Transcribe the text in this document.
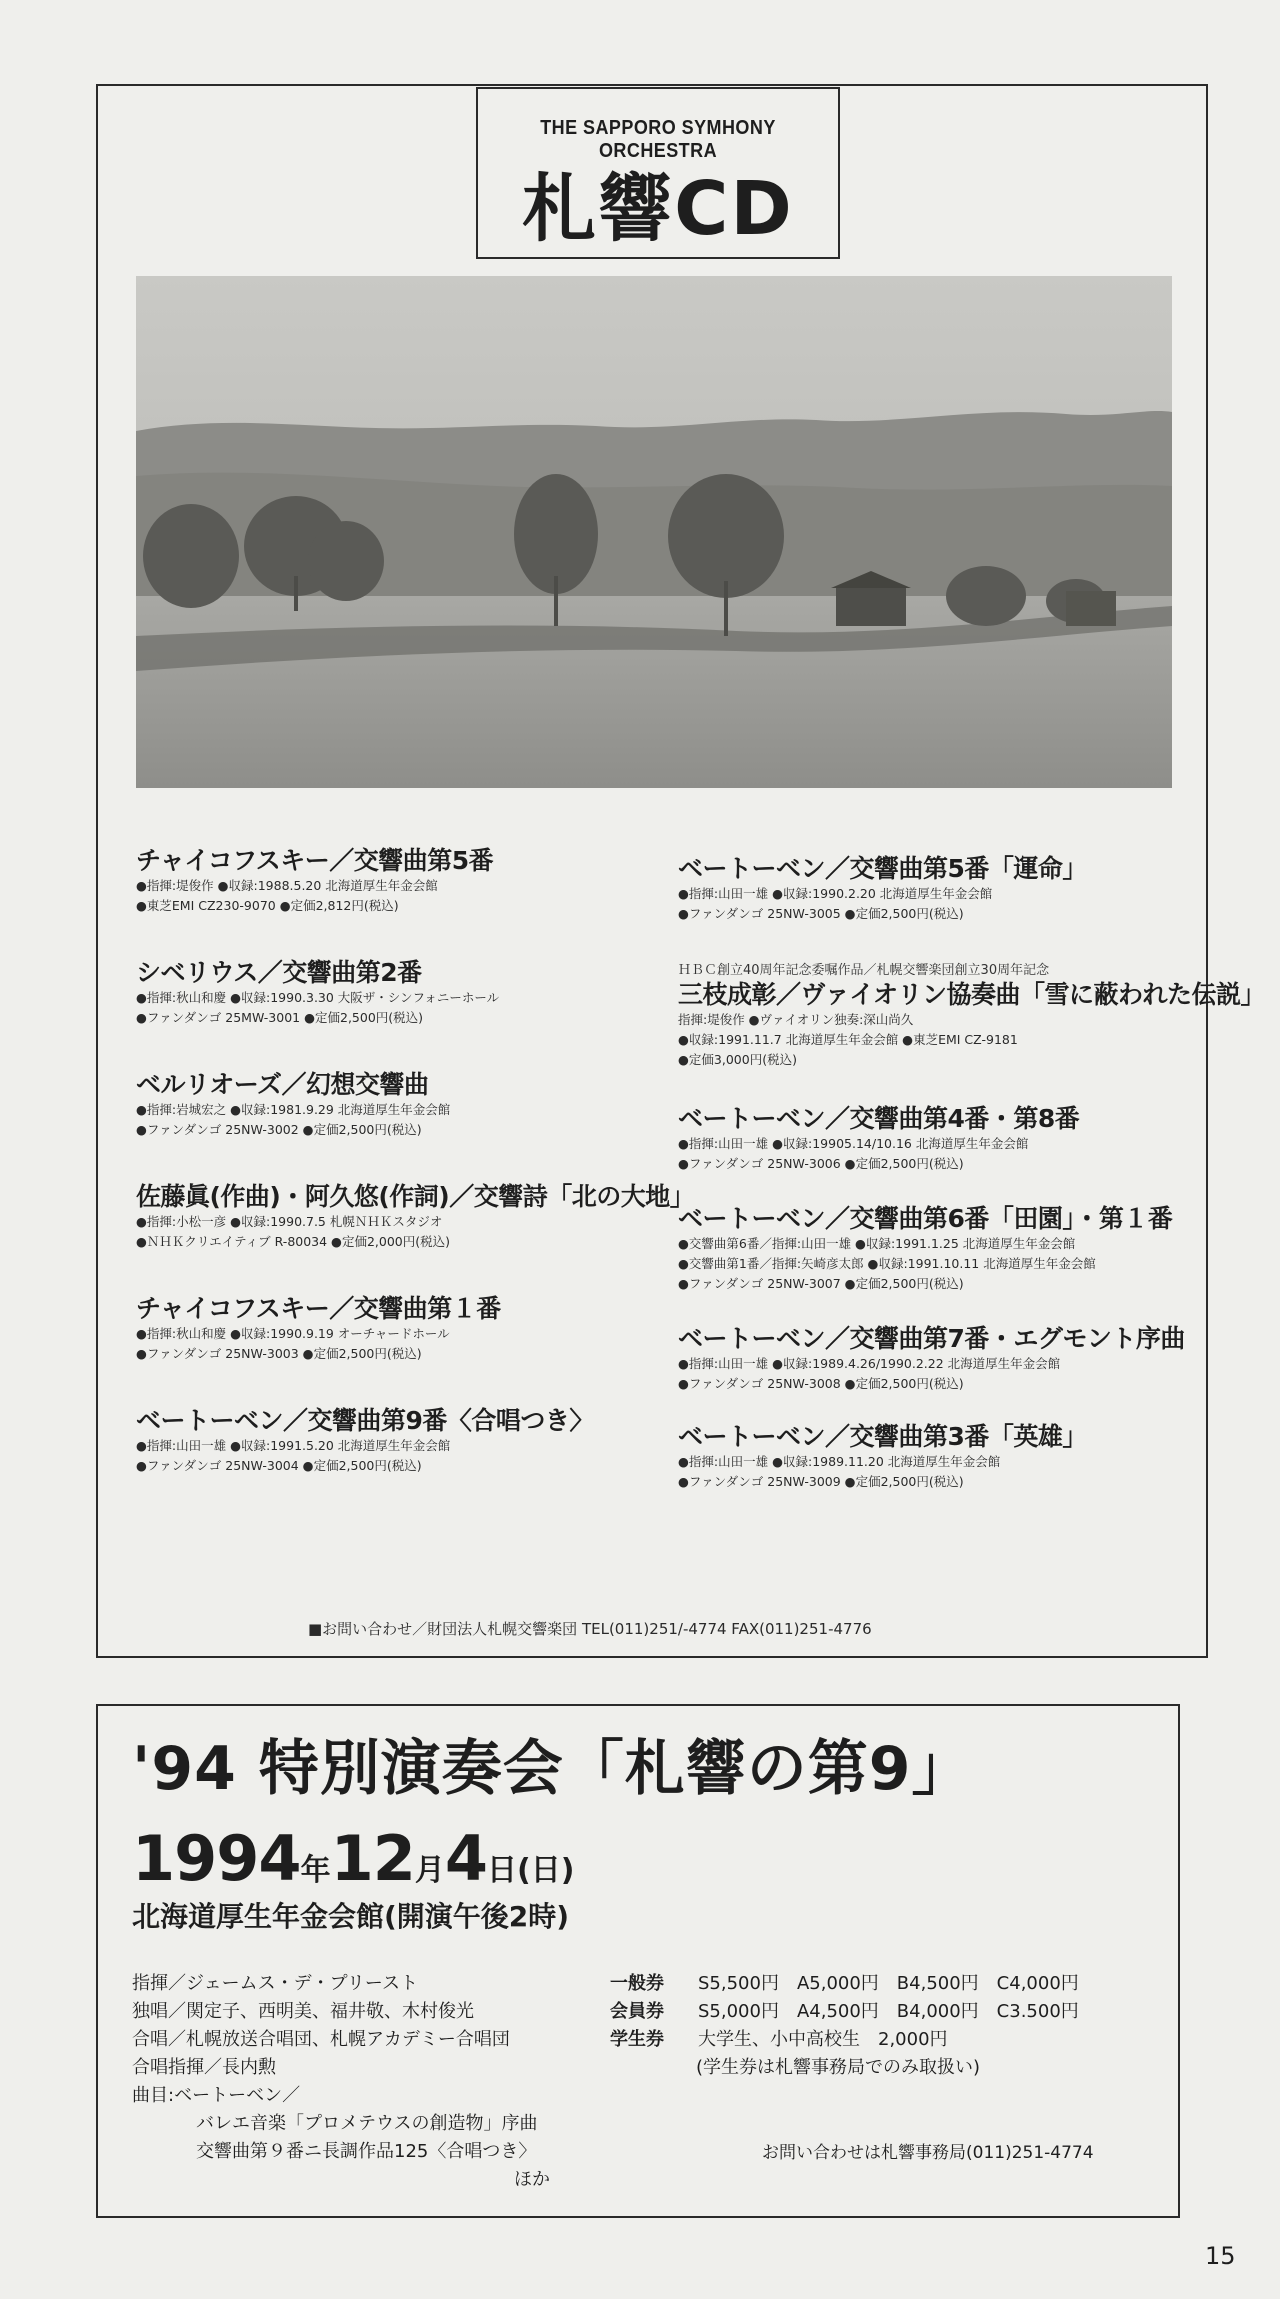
THE SAPPORO SYMHONY ORCHESTRA
札響CD
チャイコフスキー／交響曲第5番
●指揮:堤俊作 ●収録:1988.5.20 北海道厚生年金会館
●東芝EMI CZ230-9070 ●定価2,812円(税込)
シベリウス／交響曲第2番
●指揮:秋山和慶 ●収録:1990.3.30 大阪ザ・シンフォニーホール
●ファンダンゴ 25MW-3001 ●定価2,500円(税込)
ベルリオーズ／幻想交響曲
●指揮:岩城宏之 ●収録:1981.9.29 北海道厚生年金会館
●ファンダンゴ 25NW-3002 ●定価2,500円(税込)
佐藤眞(作曲)・阿久悠(作詞)／交響詩「北の大地」
●指揮:小松一彦 ●収録:1990.7.5 札幌ＮＨＫスタジオ
●ＮＨＫクリエイティブ R-80034 ●定価2,000円(税込)
チャイコフスキー／交響曲第１番
●指揮:秋山和慶 ●収録:1990.9.19 オーチャードホール
●ファンダンゴ 25NW-3003 ●定価2,500円(税込)
ベートーベン／交響曲第9番〈合唱つき〉
●指揮:山田一雄 ●収録:1991.5.20 北海道厚生年金会館
●ファンダンゴ 25NW-3004 ●定価2,500円(税込)
ベートーベン／交響曲第5番「運命」
●指揮:山田一雄 ●収録:1990.2.20 北海道厚生年金会館
●ファンダンゴ 25NW-3005 ●定価2,500円(税込)
ＨＢＣ創立40周年記念委嘱作品／札幌交響楽団創立30周年記念
三枝成彰／ヴァイオリン協奏曲「雪に蔽われた伝説」
指揮:堤俊作 ●ヴァイオリン独奏:深山尚久
●収録:1991.11.7 北海道厚生年金会館 ●東芝EMI CZ-9181
●定価3,000円(税込)
ベートーベン／交響曲第4番・第8番
●指揮:山田一雄 ●収録:19905.14/10.16 北海道厚生年金会館
●ファンダンゴ 25NW-3006 ●定価2,500円(税込)
ベートーベン／交響曲第6番「田園」・第１番
●交響曲第6番／指揮:山田一雄 ●収録:1991.1.25 北海道厚生年金会館
●交響曲第1番／指揮:矢崎彦太郎 ●収録:1991.10.11 北海道厚生年金会館
●ファンダンゴ 25NW-3007 ●定価2,500円(税込)
ベートーベン／交響曲第7番・エグモント序曲
●指揮:山田一雄 ●収録:1989.4.26/1990.2.22 北海道厚生年金会館
●ファンダンゴ 25NW-3008 ●定価2,500円(税込)
ベートーベン／交響曲第3番「英雄」
●指揮:山田一雄 ●収録:1989.11.20 北海道厚生年金会館
●ファンダンゴ 25NW-3009 ●定価2,500円(税込)
■お問い合わせ／財団法人札幌交響楽団 TEL(011)251/-4774 FAX(011)251-4776
'94 特別演奏会「札響の第9」
1994年12月4日(日)
北海道厚生年金会館(開演午後2時)
指揮／ジェームス・デ・プリースト
独唱／関定子、西明美、福井敬、木村俊光
合唱／札幌放送合唱団、札幌アカデミー合唱団
合唱指揮／長内勲
曲目:ベートーベン／
バレエ音楽「プロメテウスの創造物」序曲
交響曲第９番ニ長調作品125〈合唱つき〉
ほか
一般券	S5,500円　A5,000円　B4,500円　C4,000円
会員券	S5,000円　A4,500円　B4,000円　C3.500円
学生券	大学生、小中高校生　2,000円
(学生券は札響事務局でのみ取扱い)
お問い合わせは札響事務局(011)251-4774
15
